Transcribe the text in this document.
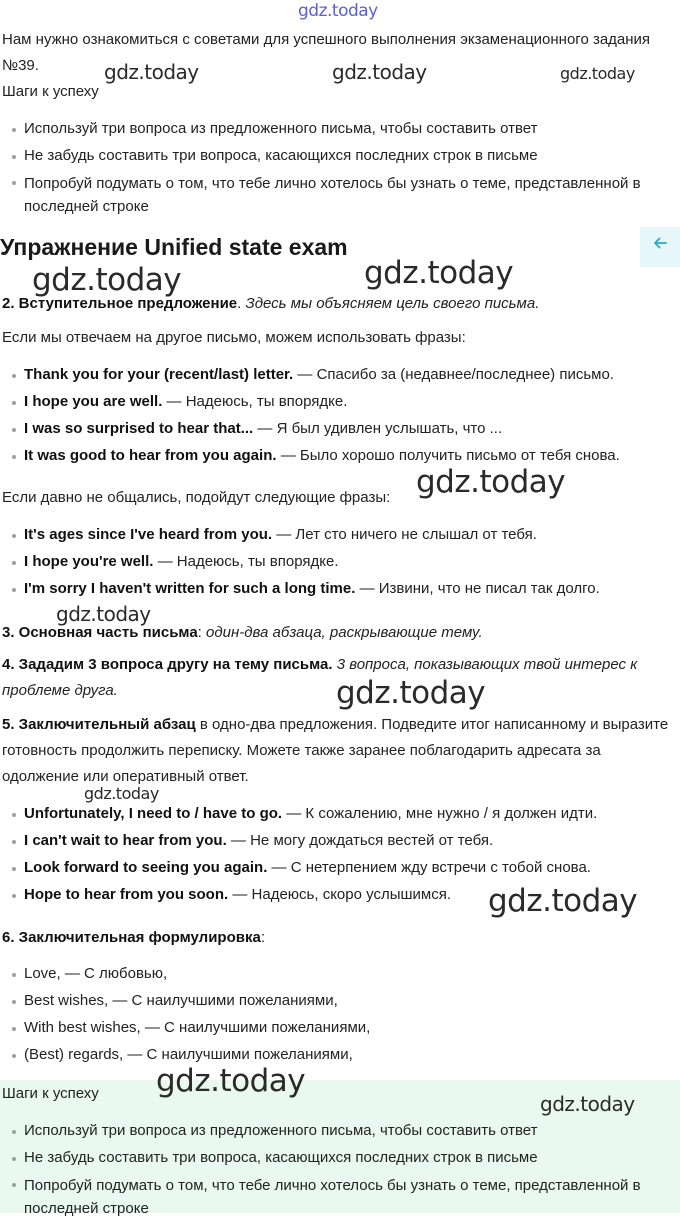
Нам нужно ознакомиться с советами для успешного выполнения экзаменационного задания №39.

Шаги к успеху

Используй три вопроса из предложенного письма, чтобы составить ответ
Не забудь составить три вопроса, касающихся последних строк в письме
Попробуй подумать о том, что тебе лично хотелось бы узнать о теме, представленной в последней строке
Упражнение Unified state exam

2. Вступительное предложение. Здесь мы объясняем цель своего письма.

Если мы отвечаем на другое письмо, можем использовать фразы:

Thank you for your (recent/last) letter. — Спасибо за (недавнее/последнее) письмо.
I hope you are well. — Надеюсь, ты впорядке.
I was so surprised to hear that... — Я был удивлен услышать, что ...
It was good to hear from you again. — Было хорошо получить письмо от тебя снова.

Если давно не общались, подойдут следующие фразы:

It's ages since I've heard from you. — Лет сто ничего не слышал от тебя.
I hope you're well. — Надеюсь, ты впорядке.
I'm sorry I haven't written for such a long time. — Извини, что не писал так долго.

3. Основная часть письма: один-два абзаца, раскрывающие тему.

4. Зададим 3 вопроса другу на тему письма. 3 вопроса, показывающих твой интерес к проблеме друга.

5. Заключительный абзац в одно-два предложения. Подведите итог написанному и выразите готовность продолжить переписку. Можете также заранее поблагодарить адресата за одолжение или оперативный ответ.

Unfortunately, I need to / have to go. — К сожалению, мне нужно / я должен идти.
I can't wait to hear from you. — Не могу дождаться вестей от тебя.
Look forward to seeing you again. — С нетерпением жду встречи с тобой снова.
Hope to hear from you soon. — Надеюсь, скоро услышимся.

6. Заключительная формулировка:

Love, — С любовью,
Best wishes, — С наилучшими пожеланиями,
With best wishes, — С наилучшими пожеланиями,
(Best) regards, — С наилучшими пожеланиями,

Шаги к успеху

Используй три вопроса из предложенного письма, чтобы составить ответ
Не забудь составить три вопроса, касающихся последних строк в письме
Попробуй подумать о том, что тебе лично хотелось бы узнать о теме, представленной в последней строке
gdz.today
gdz.today	gdz.today	gdz.today
gdz.today	gdz.today
gdz.today
gdz.today
gdz.today
gdz.today
gdz.today
gdz.today
gdz.today
